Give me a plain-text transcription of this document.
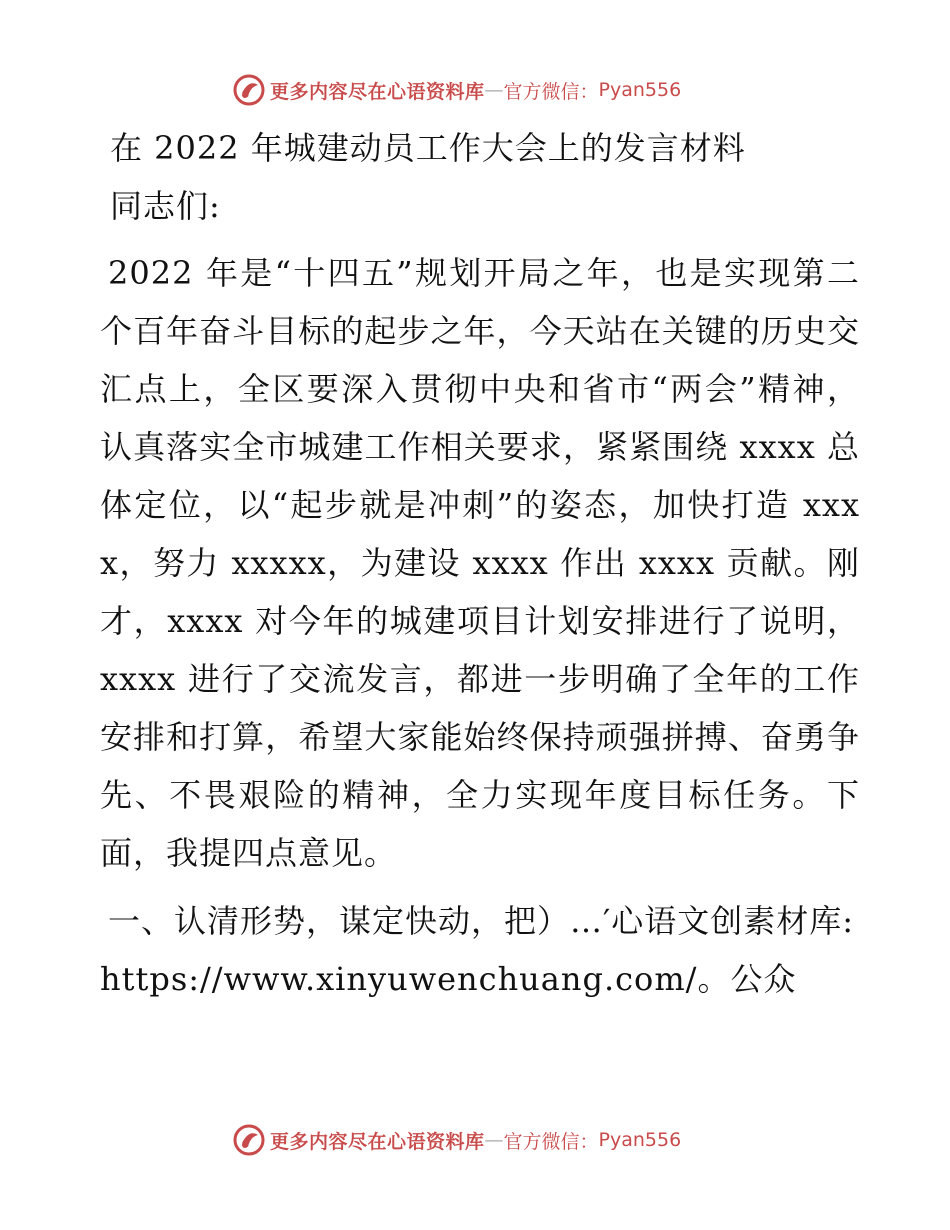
更多内容尽在心语资料库 — 官方微信： Pyan556
在 2022 年城建动员工作大会上的发言材料
同志们:

2022 年是“十四五”规划开局之年，也是实现第二个百年奋斗目标的起步之年，今天站在关键的历史交汇点上，全区要深入贯彻中央和省市“两会”精神，认真落实全市城建工作相关要求，紧紧围绕 xxxx 总体定位，以“起步就是冲刺”的姿态，加快打造 xxxx，努力 xxxxx，为建设 xxxx 作出 xxxx 贡献。刚才，xxxx 对今年的城建项目计划安排进行了说明，xxxx 进行了交流发言，都进一步明确了全年的工作安排和打算，希望大家能始终保持顽强拼搏、奋勇争先、不畏艰险的精神，全力实现年度目标任务。下面，我提四点意见。

一、认清形势，谋定快动，把）…′心语文创素材库: https://www.xinyuwenchuang.com/。公众

更多内容尽在心语资料库 — 官方微信： Pyan556
